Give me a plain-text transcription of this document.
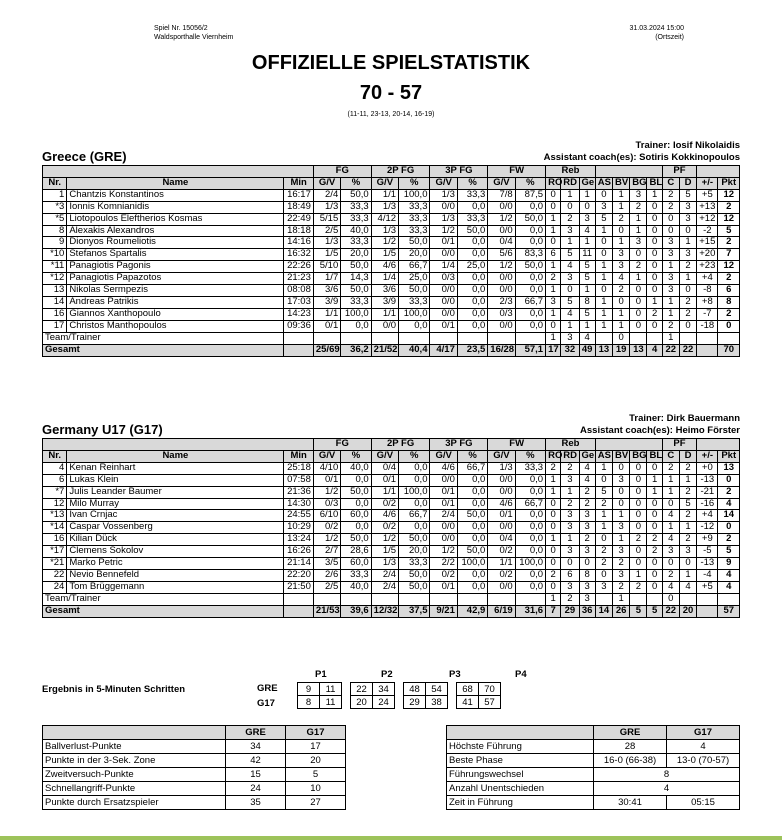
Spiel Nr. 15056/2
Waldsporthalle Viernheim
31.03.2024 15:00
(Ortszeit)
OFFIZIELLE SPIELSTATISTIK
70 - 57
(11-11, 23-13, 20-14, 16-19)
Greece (GRE)
Trainer: Iosif Nikolaidis
Assistant coach(es): Sotiris Kokkinopoulos
			FG		2P FG		3P FG		FW		Reb							PF			
Nr.	Name	Min	G/V	%	G/V	%	G/V	%	G/V	%	RO	RD	Ge	AS	BV	BG	BL	C	D	+/-	Pkt
1	Chantzis Konstantinos	16:17	2/4	50,0	1/1	100,0	1/3	33,3	7/8	87,5	0	1	1	0	1	3	1	2	5	+5	12
*3	Ionnis Komnianidis	18:49	1/3	33,3	1/3	33,3	0/0	0,0	0/0	0,0	0	0	0	3	1	2	0	2	3	+13	2
*5	Liotopoulos Eleftherios Kosmas	22:49	5/15	33,3	4/12	33,3	1/3	33,3	1/2	50,0	1	2	3	5	2	1	0	0	3	+12	12
8	Alexakis Alexandros	18:18	2/5	40,0	1/3	33,3	1/2	50,0	0/0	0,0	1	3	4	1	0	1	0	0	0	-2	5
9	Dionyos Roumeliotis	14:16	1/3	33,3	1/2	50,0	0/1	0,0	0/4	0,0	0	1	1	0	1	3	0	3	1	+15	2
*10	Stefanos Spartalis	16:32	1/5	20,0	1/5	20,0	0/0	0,0	5/6	83,3	6	5	11	0	3	0	0	3	3	+20	7
*11	Panagiotis Pagonis	22:26	5/10	50,0	4/6	66,7	1/4	25,0	1/2	50,0	1	4	5	1	3	2	0	1	2	+23	12
*12	Panagiotis Papazotos	21:23	1/7	14,3	1/4	25,0	0/3	0,0	0/0	0,0	2	3	5	1	4	1	0	3	1	+4	2
13	Nikolas Sermpezis	08:08	3/6	50,0	3/6	50,0	0/0	0,0	0/0	0,0	1	0	1	0	2	0	0	3	0	-8	6
14	Andreas Patrikis	17:03	3/9	33,3	3/9	33,3	0/0	0,0	2/3	66,7	3	5	8	1	0	0	1	1	2	+8	8
16	Giannos Xanthopoulo	14:23	1/1	100,0	1/1	100,0	0/0	0,0	0/3	0,0	1	4	5	1	1	0	2	1	2	-7	2
17	Christos Manthopoulos	09:36	0/1	0,0	0/0	0,0	0/1	0,0	0/0	0,0	0	1	1	1	1	0	0	2	0	-18	0
Team/Trainer											1	3	4		0			1			
Gesamt			25/69	36,2	21/52	40,4	4/17	23,5	16/28	57,1	17	32	49	13	19	13	4	22	22		70
Germany U17 (G17)
Trainer: Dirk Bauermann
Assistant coach(es): Heimo Förster
			FG		2P FG		3P FG		FW		Reb							PF			
Nr.	Name	Min	G/V	%	G/V	%	G/V	%	G/V	%	RO	RD	Ge	AS	BV	BG	BL	C	D	+/-	Pkt
4	Kenan Reinhart	25:18	4/10	40,0	0/4	0,0	4/6	66,7	1/3	33,3	2	2	4	1	0	0	0	2	2	+0	13
6	Lukas Klein	07:58	0/1	0,0	0/1	0,0	0/0	0,0	0/0	0,0	1	3	4	0	3	0	1	1	1	-13	0
*7	Julis Leander Baumer	21:36	1/2	50,0	1/1	100,0	0/1	0,0	0/0	0,0	1	1	2	5	0	0	1	1	2	-21	2
12	Milo Murray	14:30	0/3	0,0	0/2	0,0	0/1	0,0	4/6	66,7	0	2	2	2	0	0	0	0	5	-16	4
*13	Ivan Crnjac	24:55	6/10	60,0	4/6	66,7	2/4	50,0	0/1	0,0	0	3	3	1	1	0	0	4	2	+4	14
*14	Caspar Vossenberg	10:29	0/2	0,0	0/2	0,0	0/0	0,0	0/0	0,0	0	3	3	1	3	0	0	1	1	-12	0
16	Kilian Dück	13:24	1/2	50,0	1/2	50,0	0/0	0,0	0/4	0,0	1	1	2	0	1	2	2	4	2	+9	2
*17	Clemens Sokolov	16:26	2/7	28,6	1/5	20,0	1/2	50,0	0/2	0,0	0	3	3	2	3	0	2	3	3	-5	5
*21	Marko Petric	21:14	3/5	60,0	1/3	33,3	2/2	100,0	1/1	100,0	0	0	0	2	2	0	0	0	0	-13	9
22	Nevio Bennefeld	22:20	2/6	33,3	2/4	50,0	0/2	0,0	0/2	0,0	2	6	8	0	3	1	0	2	1	-4	4
24	Tom Brüggemann	21:50	2/5	40,0	2/4	50,0	0/1	0,0	0/0	0,0	0	3	3	3	2	2	0	4	4	+5	4
Team/Trainer											1	2	3		1			0			
Gesamt			21/53	39,6	12/32	37,5	9/21	42,9	6/19	31,6	7	29	36	14	26	5	5	22	20		57
Ergebnis in 5-Minuten Schritten
P1	P2	P3	P4
GRE
G17
9	11		22	34		48	54		68	70
8	11		20	24		29	38		41	57
	GRE	G17
Ballverlust-Punkte	34	17
Punkte in der 3-Sek. Zone	42	20
Zweitversuch-Punkte	15	5
Schnellangriff-Punkte	24	10
Punkte durch Ersatzspieler	35	27
	GRE	G17
Höchste Führung	28	4
Beste Phase	16-0 (66-38)	13-0 (70-57)
Führungswechsel	8	
Anzahl Unentschieden	4	
Zeit in Führung	30:41	05:15
